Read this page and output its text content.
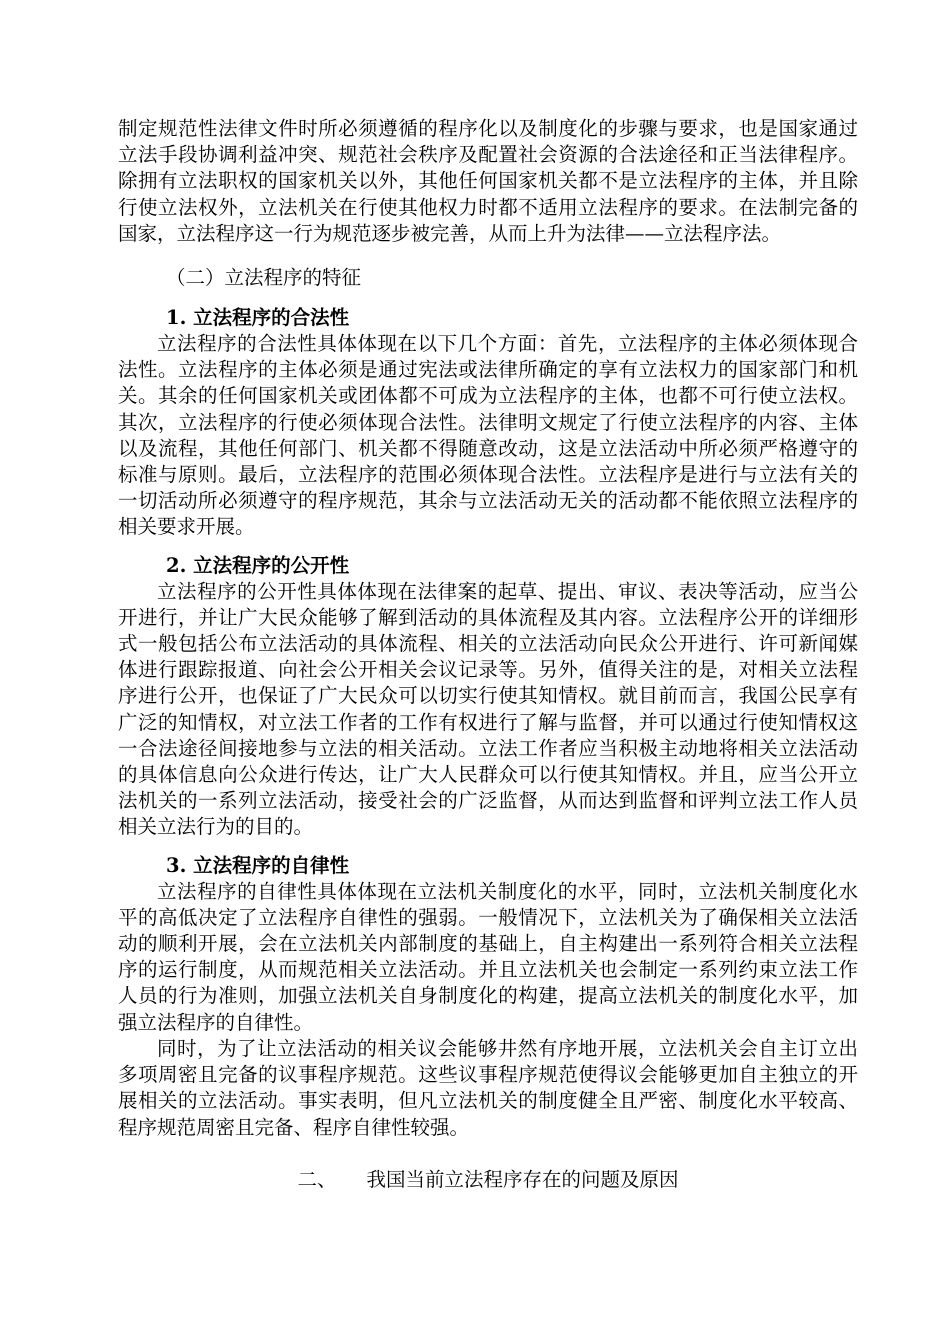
制定规范性法律文件时所必须遵循的程序化以及制度化的步骤与要求，也是国家通过立法手段协调利益冲突、规范社会秩序及配置社会资源的合法途径和正当法律程序。除拥有立法职权的国家机关以外，其他任何国家机关都不是立法程序的主体，并且除行使立法权外，立法机关在行使其他权力时都不适用立法程序的要求。在法制完备的国家，立法程序这一行为规范逐步被完善，从而上升为法律——立法程序法。

（二）立法程序的特征

1. 立法程序的合法性

立法程序的合法性具体体现在以下几个方面：首先，立法程序的主体必须体现合法性。立法程序的主体必须是通过宪法或法律所确定的享有立法权力的国家部门和机关。其余的任何国家机关或团体都不可成为立法程序的主体，也都不可行使立法权。其次，立法程序的行使必须体现合法性。法律明文规定了行使立法程序的内容、主体以及流程，其他任何部门、机关都不得随意改动，这是立法活动中所必须严格遵守的标准与原则。最后，立法程序的范围必须体现合法性。立法程序是进行与立法有关的一切活动所必须遵守的程序规范，其余与立法活动无关的活动都不能依照立法程序的相关要求开展。

2. 立法程序的公开性

立法程序的公开性具体体现在法律案的起草、提出、审议、表决等活动，应当公开进行，并让广大民众能够了解到活动的具体流程及其内容。立法程序公开的详细形式一般包括公布立法活动的具体流程、相关的立法活动向民众公开进行、许可新闻媒体进行跟踪报道、向社会公开相关会议记录等。另外，值得关注的是，对相关立法程序进行公开，也保证了广大民众可以切实行使其知情权。就目前而言，我国公民享有广泛的知情权，对立法工作者的工作有权进行了解与监督，并可以通过行使知情权这一合法途径间接地参与立法的相关活动。立法工作者应当积极主动地将相关立法活动的具体信息向公众进行传达，让广大人民群众可以行使其知情权。并且，应当公开立法机关的一系列立法活动，接受社会的广泛监督，从而达到监督和评判立法工作人员相关立法行为的目的。

3. 立法程序的自律性

立法程序的自律性具体体现在立法机关制度化的水平，同时，立法机关制度化水平的高低决定了立法程序自律性的强弱。一般情况下，立法机关为了确保相关立法活动的顺利开展，会在立法机关内部制度的基础上，自主构建出一系列符合相关立法程序的运行制度，从而规范相关立法活动。并且立法机关也会制定一系列约束立法工作人员的行为准则，加强立法机关自身制度化的构建，提高立法机关的制度化水平，加强立法程序的自律性。

同时，为了让立法活动的相关议会能够井然有序地开展，立法机关会自主订立出多项周密且完备的议事程序规范。这些议事程序规范使得议会能够更加自主独立的开展相关的立法活动。事实表明，但凡立法机关的制度健全且严密、制度化水平较高、程序规范周密且完备、程序自律性较强。

二、 我国当前立法程序存在的问题及原因
